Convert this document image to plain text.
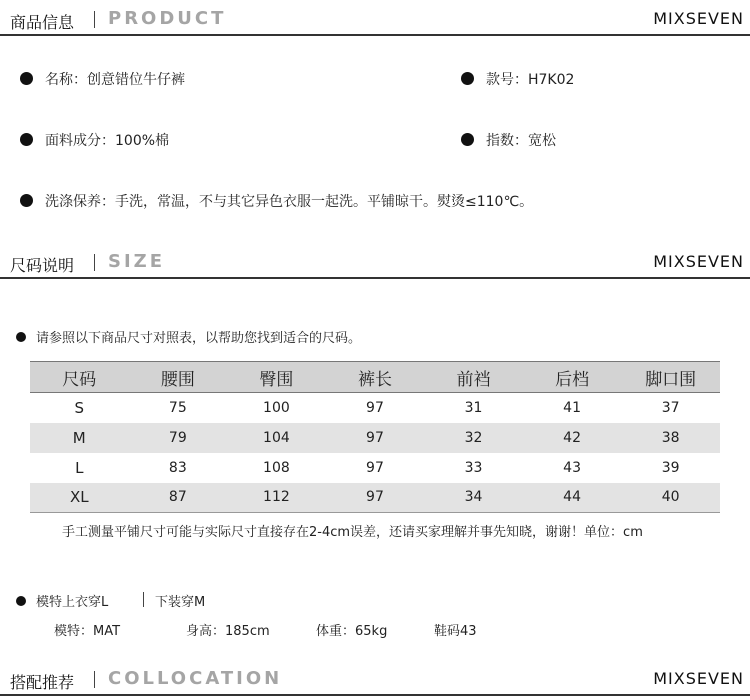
商品信息 PRODUCT	MIXSEVEN
名称：创意错位牛仔裤	款号：H7K02
面料成分：100%棉	指数：宽松
洗涤保养：手洗，常温，不与其它异色衣服一起洗。平铺晾干。熨烫≤110℃。
尺码说明 SIZE	MIXSEVEN
请参照以下商品尺寸对照表，以帮助您找到适合的尺码。
尺码	腰围	臀围	裤长	前裆	后档	脚口围
S	75	100	97	31	41	37
M	79	104	97	32	42	38
L	83	108	97	33	43	39
XL	87	112	97	34	44	40
手工测量平铺尺寸可能与实际尺寸直接存在2-4cm误差，还请买家理解并事先知晓，谢谢！单位：cm
模特上衣穿L	下装穿M
模特：MAT	身高：185cm	体重：65kg	鞋码43
搭配推荐 COLLOCATION	MIXSEVEN
